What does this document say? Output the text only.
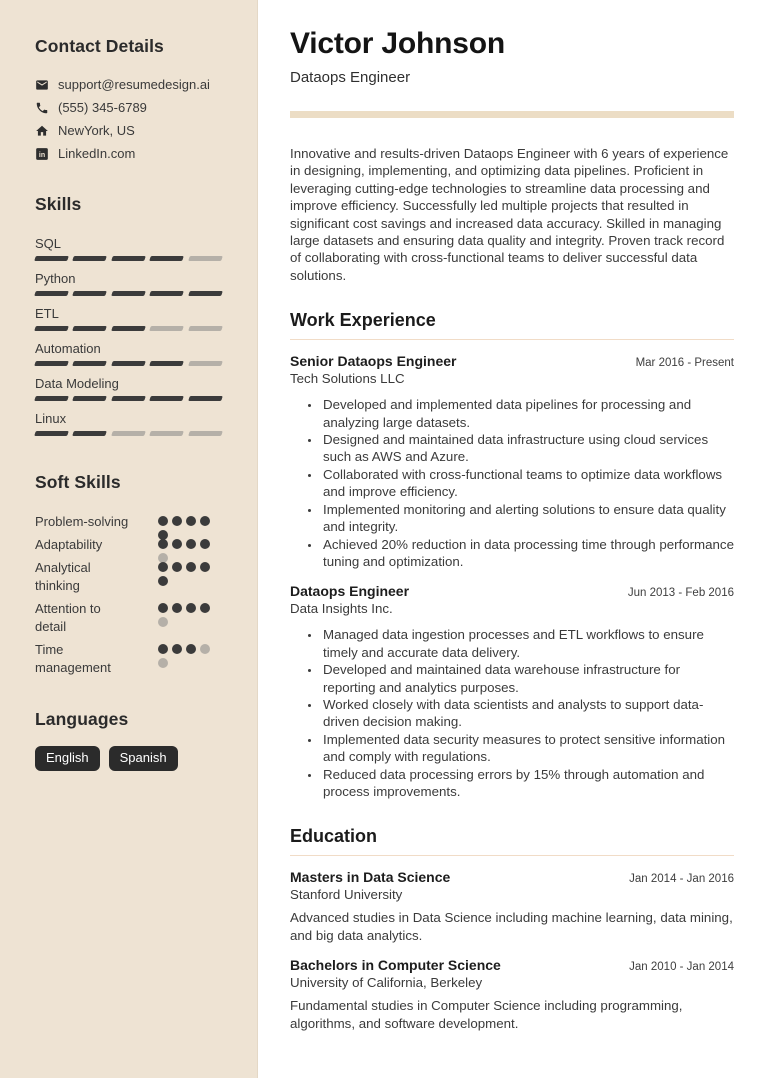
Contact Details
support@resumedesign.ai
(555) 345-6789
NewYork, US
in LinkedIn.com
Skills
SQL
Python
ETL
Automation
Data Modeling
Linux
Soft Skills
Problem-solving
Adaptability
Analytical thinking
Attention to detail
Time management
Languages
English	Spanish
Victor Johnson
Dataops Engineer

Innovative and results-driven Dataops Engineer with 6 years of experience in designing, implementing, and optimizing data pipelines. Proficient in leveraging cutting-edge technologies to streamline data processing and improve efficiency. Successfully led multiple projects that resulted in significant cost savings and increased data accuracy. Skilled in managing large datasets and ensuring data quality and integrity. Proven track record of collaborating with cross-functional teams to deliver successful data solutions.

Work Experience
Senior Dataops Engineer	Mar 2016 - Present
Tech Solutions LLC
• Developed and implemented data pipelines for processing and analyzing large datasets.
• Designed and maintained data infrastructure using cloud services such as AWS and Azure.
• Collaborated with cross-functional teams to optimize data workflows and improve efficiency.
• Implemented monitoring and alerting solutions to ensure data quality and integrity.
• Achieved 20% reduction in data processing time through performance tuning and optimization.
Dataops Engineer	Jun 2013 - Feb 2016
Data Insights Inc.
• Managed data ingestion processes and ETL workflows to ensure timely and accurate data delivery.
• Developed and maintained data warehouse infrastructure for reporting and analytics purposes.
• Worked closely with data scientists and analysts to support data-driven decision making.
• Implemented data security measures to protect sensitive information and comply with regulations.
• Reduced data processing errors by 15% through automation and process improvements.
Education
Masters in Data Science	Jan 2014 - Jan 2016
Stanford University

Advanced studies in Data Science including machine learning, data mining, and big data analytics.

Bachelors in Computer Science	Jan 2010 - Jan 2014
University of California, Berkeley

Fundamental studies in Computer Science including programming, algorithms, and software development.
